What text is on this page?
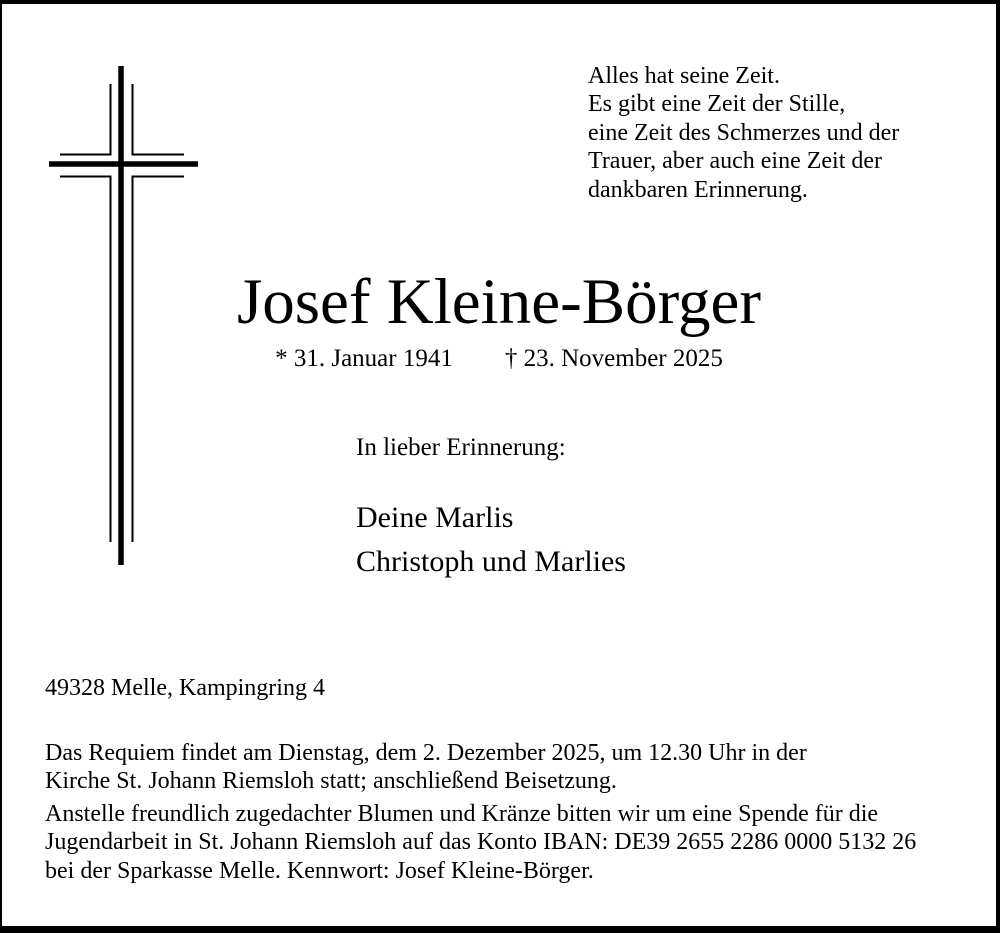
Alles hat seine Zeit.
Es gibt eine Zeit der Stille,
eine Zeit des Schmerzes und der
Trauer, aber auch eine Zeit der
dankbaren Erinnerung.
Josef Kleine-Börger
* 31. Januar 1941 † 23. November 2025
In lieber Erinnerung:
Deine Marlis
Christoph und Marlies
49328 Melle, Kampingring 4
Das Requiem findet am Dienstag, dem 2. Dezember 2025, um 12.30 Uhr in der
Kirche St. Johann Riemsloh statt; anschließend Beisetzung.
Anstelle freundlich zugedachter Blumen und Kränze bitten wir um eine Spende für die
Jugendarbeit in St. Johann Riemsloh auf das Konto IBAN: DE39 2655 2286 0000 5132 26
bei der Sparkasse Melle. Kennwort: Josef Kleine-Börger.
